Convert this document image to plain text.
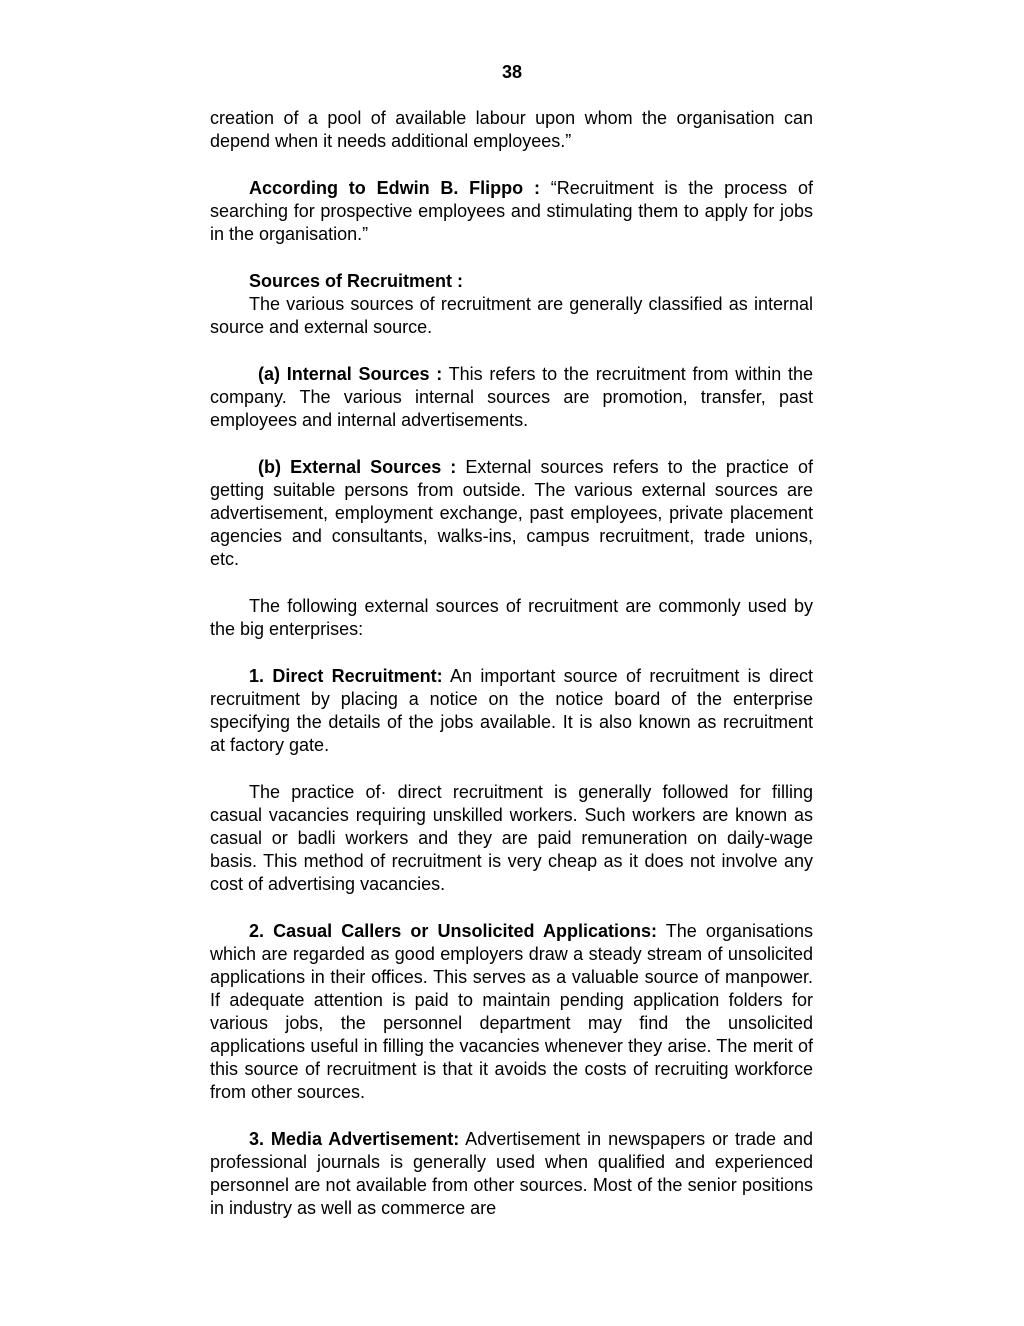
38

creation of a pool of available labour upon whom the organisation can depend when it needs additional employees.”

According to Edwin B. Flippo : “Recruitment is the process of searching for prospective employees and stimulating them to apply for jobs in the organisation.”

Sources of Recruitment :

The various sources of recruitment are generally classified as internal source and external source.

(a) Internal Sources : This refers to the recruitment from within the company. The various internal sources are promotion, transfer, past employees and internal advertisements.

(b) External Sources : External sources refers to the practice of getting suitable persons from outside. The various external sources are advertisement, employment exchange, past employees, private placement agencies and consultants, walks-ins, campus recruitment, trade unions, etc.

The following external sources of recruitment are commonly used by the big enterprises:

1. Direct Recruitment: An important source of recruitment is direct recruitment by placing a notice on the notice board of the enterprise specifying the details of the jobs available. It is also known as recruitment at factory gate.

The practice of· direct recruitment is generally followed for filling casual vacancies requiring unskilled workers. Such workers are known as casual or badli workers and they are paid remuneration on daily-wage basis. This method of recruitment is very cheap as it does not involve any cost of advertising vacancies.

2. Casual Callers or Unsolicited Applications: The organisations which are regarded as good employers draw a steady stream of unsolicited applications in their offices. This serves as a valuable source of manpower. If adequate attention is paid to maintain pending application folders for various jobs, the personnel department may find the unsolicited applications useful in filling the vacancies whenever they arise. The merit of this source of recruitment is that it avoids the costs of recruiting workforce from other sources.

3. Media Advertisement: Advertisement in newspapers or trade and professional journals is generally used when qualified and experienced personnel are not available from other sources. Most of the senior positions in industry as well as commerce are
